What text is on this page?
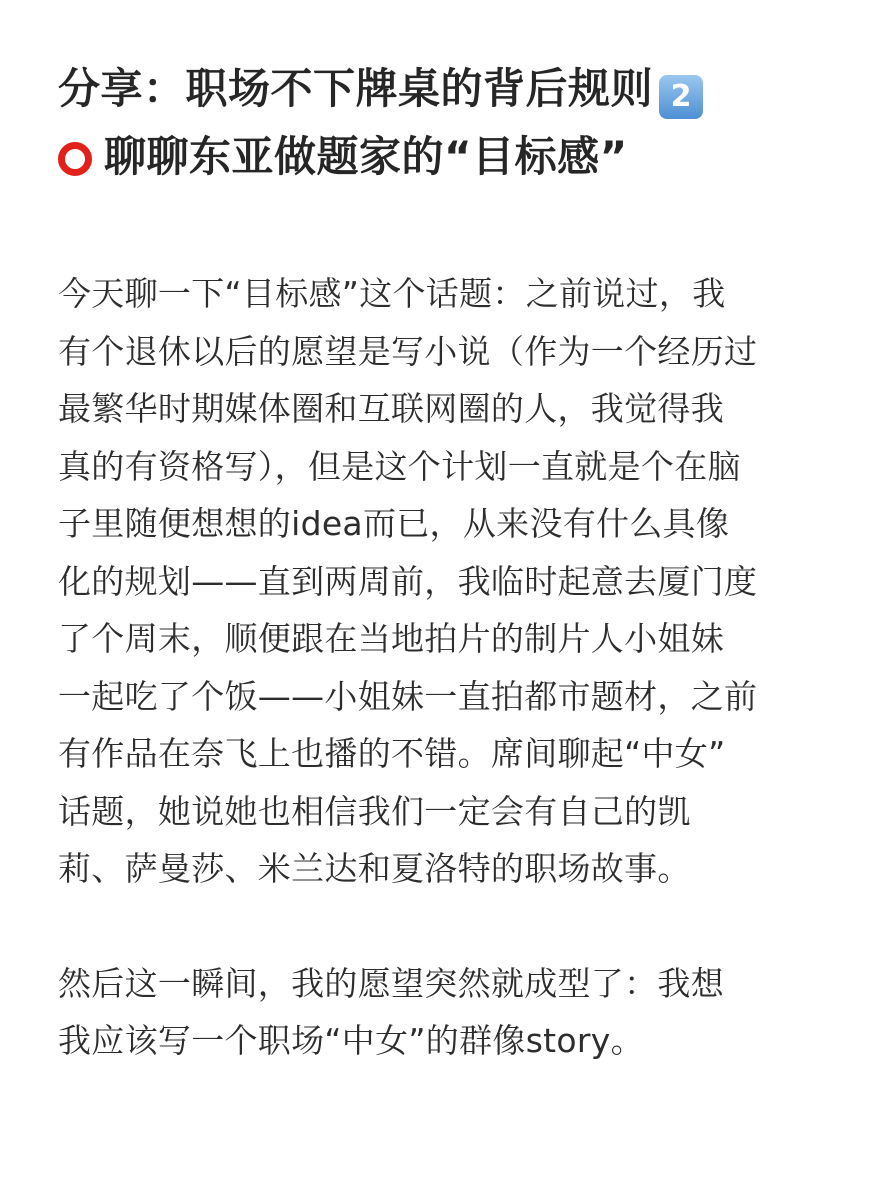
分享：职场不下牌桌的背后规则 2
聊聊东亚做题家的“目标感”

今天聊一下“目标感”这个话题：之前说过，我
有个退休以后的愿望是写小说（作为一个经历过
最繁华时期媒体圈和互联网圈的人，我觉得我
真的有资格写），但是这个计划一直就是个在脑
子里随便想想的idea而已，从来没有什么具像
化的规划——直到两周前，我临时起意去厦门度
了个周末，顺便跟在当地拍片的制片人小姐妹
一起吃了个饭——小姐妹一直拍都市题材，之前
有作品在奈飞上也播的不错。席间聊起“中女”
话题，她说她也相信我们一定会有自己的凯
莉、萨曼莎、米兰达和夏洛特的职场故事。

然后这一瞬间，我的愿望突然就成型了：我想
我应该写一个职场“中女”的群像story。
